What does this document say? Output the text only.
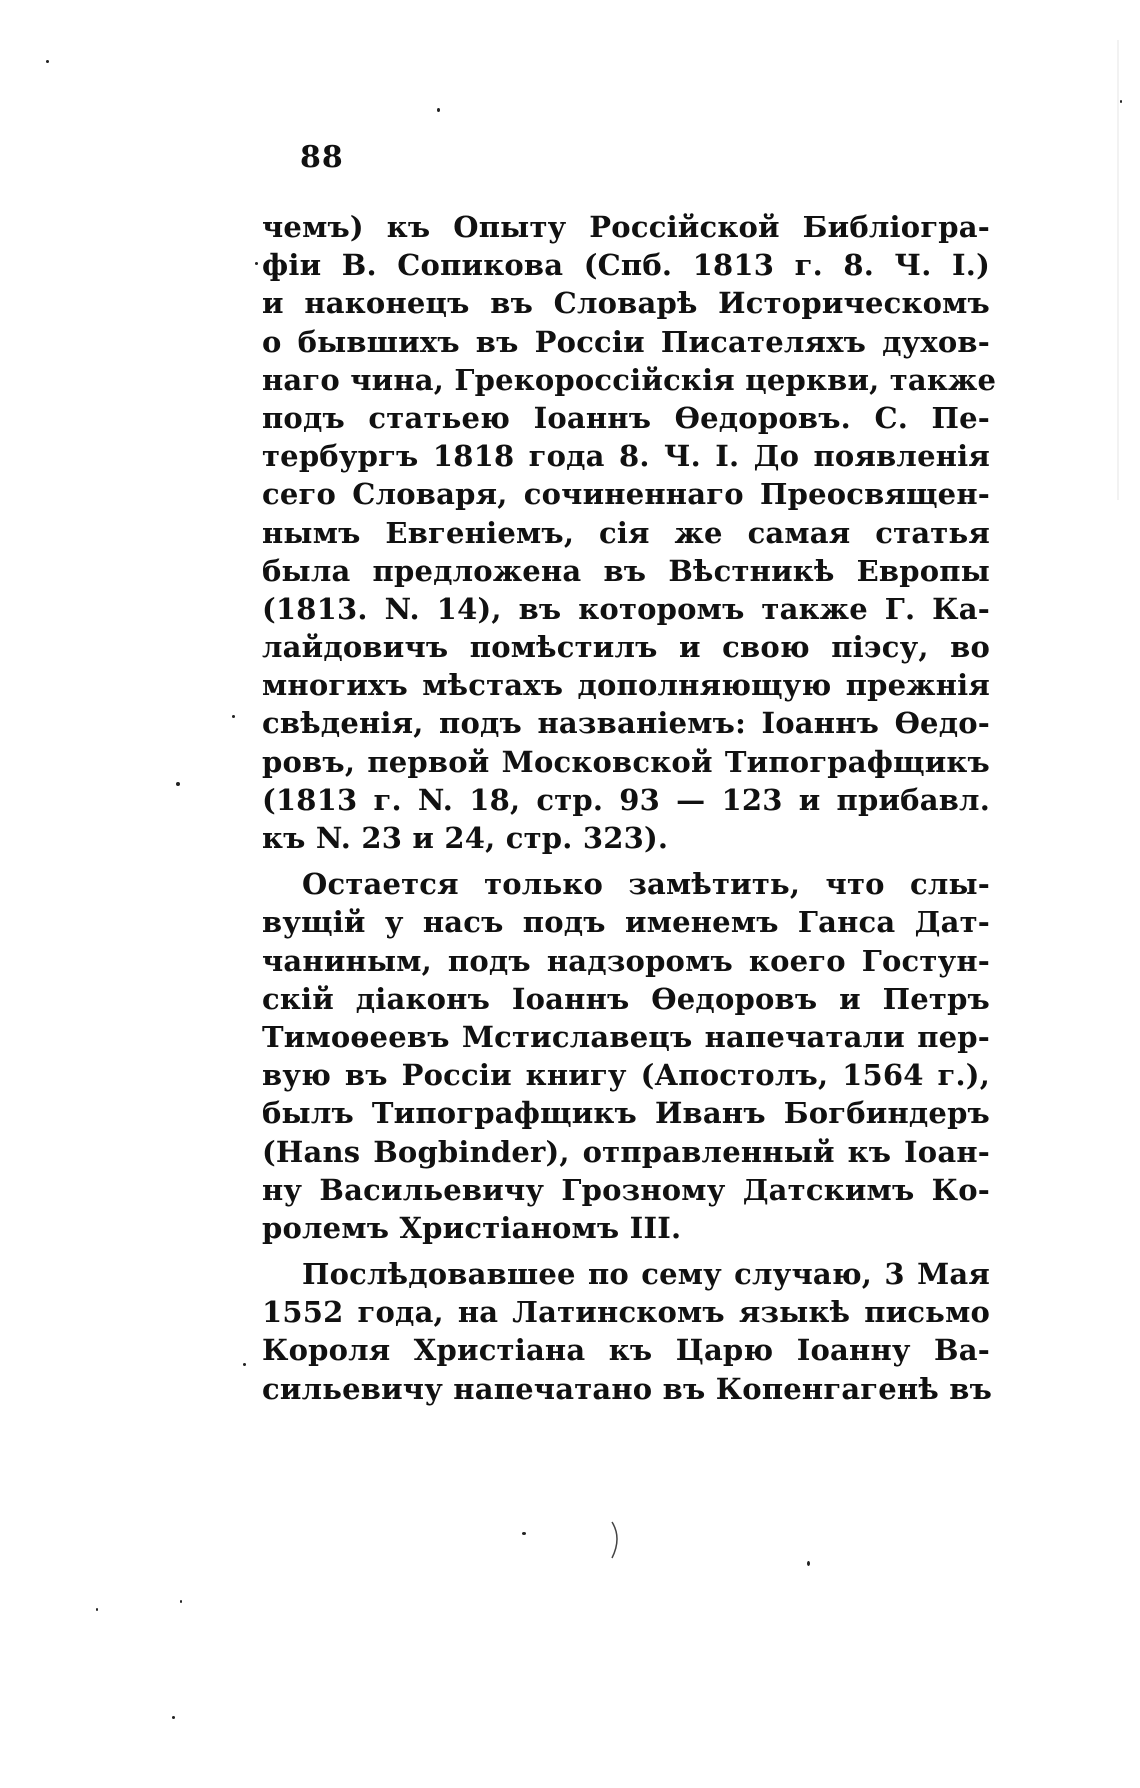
88
чемъ) къ Опыту Россійской Библіогра-
фіи В. Сопикова (Спб. 1813 г. 8. Ч. I.)
и наконецъ въ Словарѣ Историческомъ
о бывшихъ въ Россіи Писателяхъ духов-
наго чина, Грекороссійскія церкви, также
подъ статьею Іоаннъ Ѳедоровъ. С. Пе-
тербургъ 1818 года 8. Ч. I. До появленія
сего Словаря, сочиненнаго Преосвящен-
нымъ Евгеніемъ, сія же самая статья
была предложена въ Вѣстникѣ Европы
(1813. N. 14), въ которомъ также Г. Ка-
лайдовичъ помѣстилъ и свою піэсу, во
многихъ мѣстахъ дополняющую прежнія
свѣденія, подъ названіемъ: Іоаннъ Ѳедо-
ровъ, первой Московской Типографщикъ
(1813 г. N. 18, стр. 93 — 123 и прибавл.
къ N. 23 и 24, стр. 323).
Остается только замѣтить, что слы-
вущій у насъ подъ именемъ Ганса Дат-
чаниным, подъ надзоромъ коего Гостун-
скій діаконъ Іоаннъ Ѳедоровъ и Петръ
Тимоѳеевъ Мстиславецъ напечатали пер-
вую въ Россіи книгу (Апостолъ, 1564 г.),
былъ Типографщикъ Иванъ Богбиндеръ
(Hans Bogbinder), отправленный къ Іоан-
ну Васильевичу Грозному Датскимъ Ко-
ролемъ Христіаномъ III.
Послѣдовавшее по сему случаю, 3 Мая
1552 года, на Латинскомъ языкѣ письмо
Короля Христіана къ Царю Іоанну Ва-
сильевичу напечатано въ Копенгагенѣ въ
